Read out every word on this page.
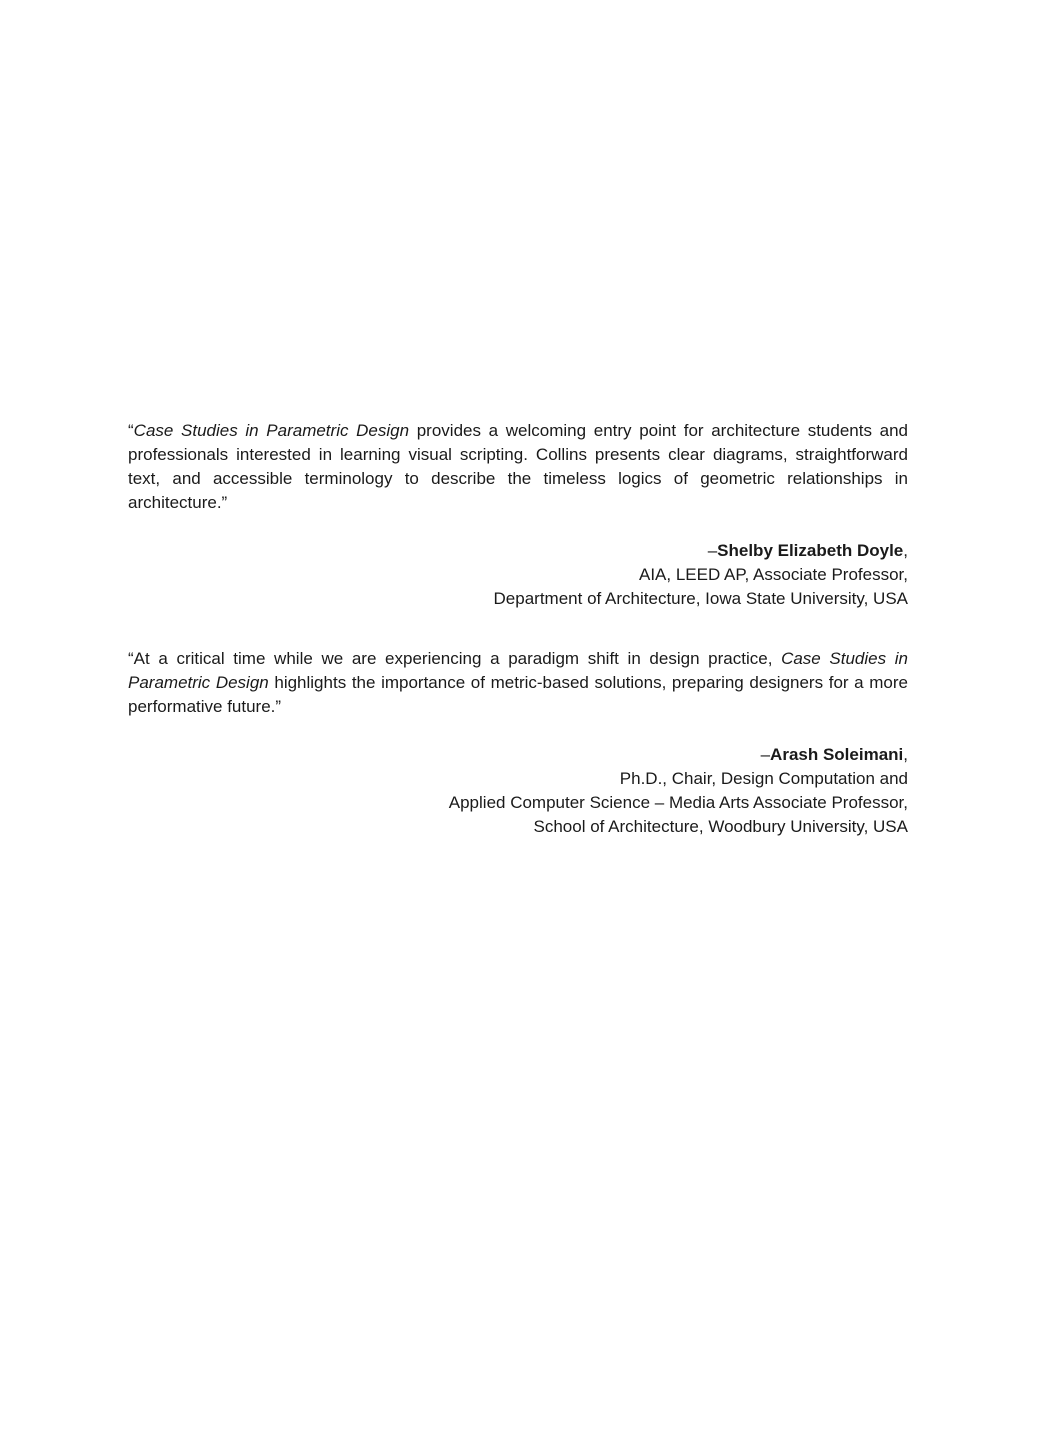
“Case Studies in Parametric Design provides a welcoming entry point for architecture students and professionals interested in learning visual scripting. Collins presents clear diagrams, straightforward text, and accessible terminology to describe the timeless logics of geometric relationships in architecture.”

–Shelby Elizabeth Doyle,

AIA, LEED AP, Associate Professor,

Department of Architecture, Iowa State University, USA

“At a critical time while we are experiencing a paradigm shift in design practice, Case Studies in Parametric Design highlights the importance of metric-based solutions, preparing designers for a more performative future.”

–Arash Soleimani,

Ph.D., Chair, Design Computation and

Applied Computer Science – Media Arts Associate Professor,

School of Architecture, Woodbury University, USA
